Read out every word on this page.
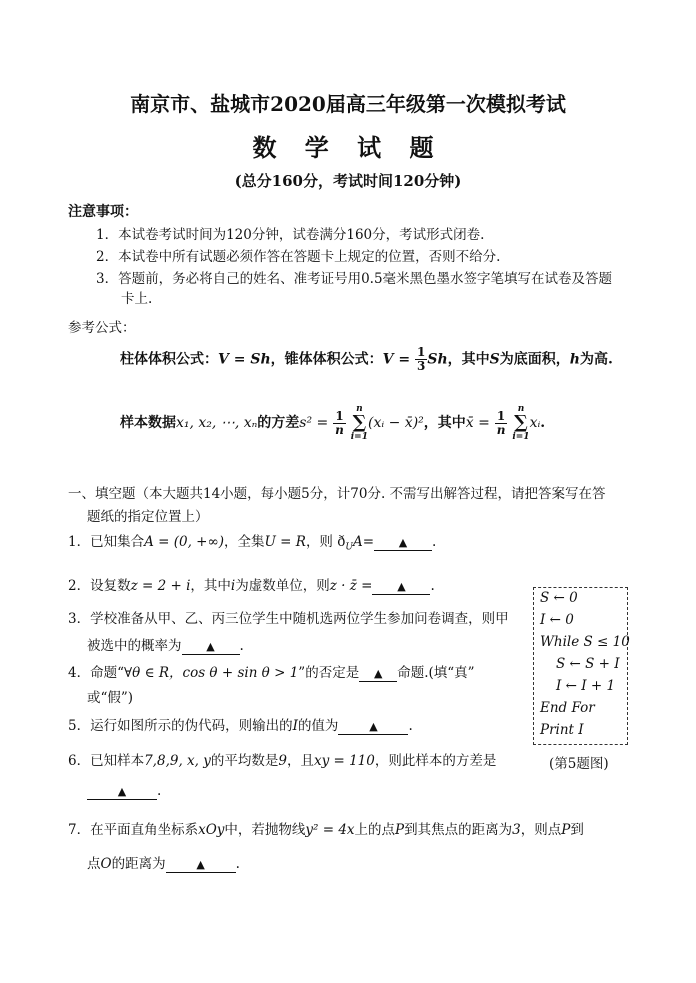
南京市、盐城市2020届高三年级第一次模拟考试
数 学 试 题
(总分160分，考试时间120分钟)
注意事项：
1．本试卷考试时间为120分钟，试卷满分160分，考试形式闭卷.
2．本试卷中所有试题必须作答在答题卡上规定的位置，否则不给分.
3．答题前，务必将自己的姓名、准考证号用0.5毫米黑色墨水签字笔填写在试卷及答题
卡上.
参考公式：
柱体体积公式：V = Sh，锥体体积公式：$V = \frac{1}{3}$ Sh，其中S为底面积，h为高.
样本数据x₁, x₂, ⋯, xₙ的方差$s^2 = \frac{1}{n}$

n
∑
i=1
(xᵢ − x̄)²，其中x̄ = $\frac{1}{n}$

n
∑
i=1
xᵢ.
一、填空题（本大题共14小题，每小题5分，计70分. 不需写出解答过程，请把答案写在答
题纸的指定位置上）
1．已知集合A = (0, +∞)，全集U = R，则 $ð_UA=$ ▲ .
2．设复数z = 2 + i，其中i为虚数单位，则z · z̄ = ▲ .
3．学校准备从甲、乙、丙三位学生中随机选两位学生参加问卷调查，则甲
被选中的概率为 ▲ .
4．命题“∀θ ∈ R，cos θ + sin θ > 1”的否定是 ▲ 命题.(填“真”
或“假”)
5．运行如图所示的伪代码，则输出的I的值为	▲ .
6．已知样本7,8,9, x, y的平均数是9，且xy = 110，则此样本的方差是
▲ .
7．在平面直角坐标系xOy中，若抛物线y² = 4x上的点P到其焦点的距离为3，则点P到
点O的距离为	▲ .
S ← 0
I ← 0
While S ≤ 10
S ← S + I
I ← I + 1
End For
Print I
(第5题图)
